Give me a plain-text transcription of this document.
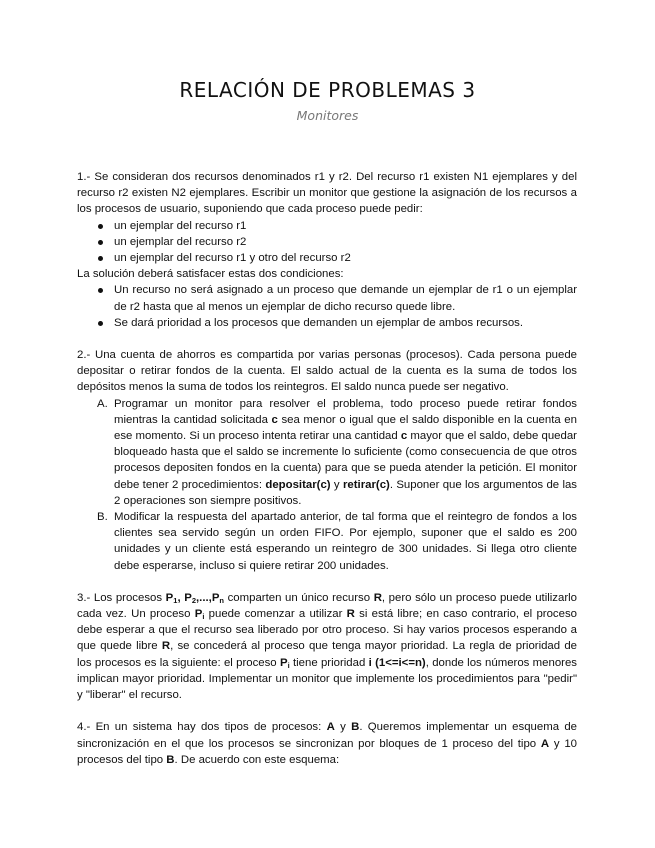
RELACIÓN DE PROBLEMAS 3
Monitores

1.- Se consideran dos recursos denominados r1 y r2. Del recurso r1 existen N1 ejemplares y del recurso r2 existen N2 ejemplares. Escribir un monitor que gestione la asignación de los recursos a los procesos de usuario, suponiendo que cada proceso puede pedir:

un ejemplar del recurso r1
un ejemplar del recurso r2
un ejemplar del recurso r1 y otro del recurso r2

La solución deberá satisfacer estas dos condiciones:

Un recurso no será asignado a un proceso que demande un ejemplar de r1 o un ejemplar de r2 hasta que al menos un ejemplar de dicho recurso quede libre.
Se dará prioridad a los procesos que demanden un ejemplar de ambos recursos.

2.- Una cuenta de ahorros es compartida por varias personas (procesos). Cada persona puede depositar o retirar fondos de la cuenta. El saldo actual de la cuenta es la suma de todos los depósitos menos la suma de todos los reintegros. El saldo nunca puede ser negativo.

A. Programar un monitor para resolver el problema, todo proceso puede retirar fondos mientras la cantidad solicitada c sea menor o igual que el saldo disponible en la cuenta en ese momento. Si un proceso intenta retirar una cantidad c mayor que el saldo, debe quedar bloqueado hasta que el saldo se incremente lo suficiente (como consecuencia de que otros procesos depositen fondos en la cuenta) para que se pueda atender la petición. El monitor debe tener 2 procedimientos: depositar(c) y retirar(c). Suponer que los argumentos de las 2 operaciones son siempre positivos.
B. Modificar la respuesta del apartado anterior, de tal forma que el reintegro de fondos a los clientes sea servido según un orden FIFO. Por ejemplo, suponer que el saldo es 200 unidades y un cliente está esperando un reintegro de 300 unidades. Si llega otro cliente debe esperarse, incluso si quiere retirar 200 unidades.

3.- Los procesos $P_1$, $P_2,...,P_n$ comparten un único recurso R, pero sólo un proceso puede utilizarlo cada vez. Un proceso $P_i$ puede comenzar a utilizar R si está libre; en caso contrario, el proceso debe esperar a que el recurso sea liberado por otro proceso. Si hay varios procesos esperando a que quede libre R, se concederá al proceso que tenga mayor prioridad. La regla de prioridad de los procesos es la siguiente: el proceso $P_i$ tiene prioridad i (1<=i<=n), donde los números menores implican mayor prioridad. Implementar un monitor que implemente los procedimientos para "pedir" y "liberar" el recurso.

4.- En un sistema hay dos tipos de procesos: A y B. Queremos implementar un esquema de sincronización en el que los procesos se sincronizan por bloques de 1 proceso del tipo A y 10 procesos del tipo B. De acuerdo con este esquema:
